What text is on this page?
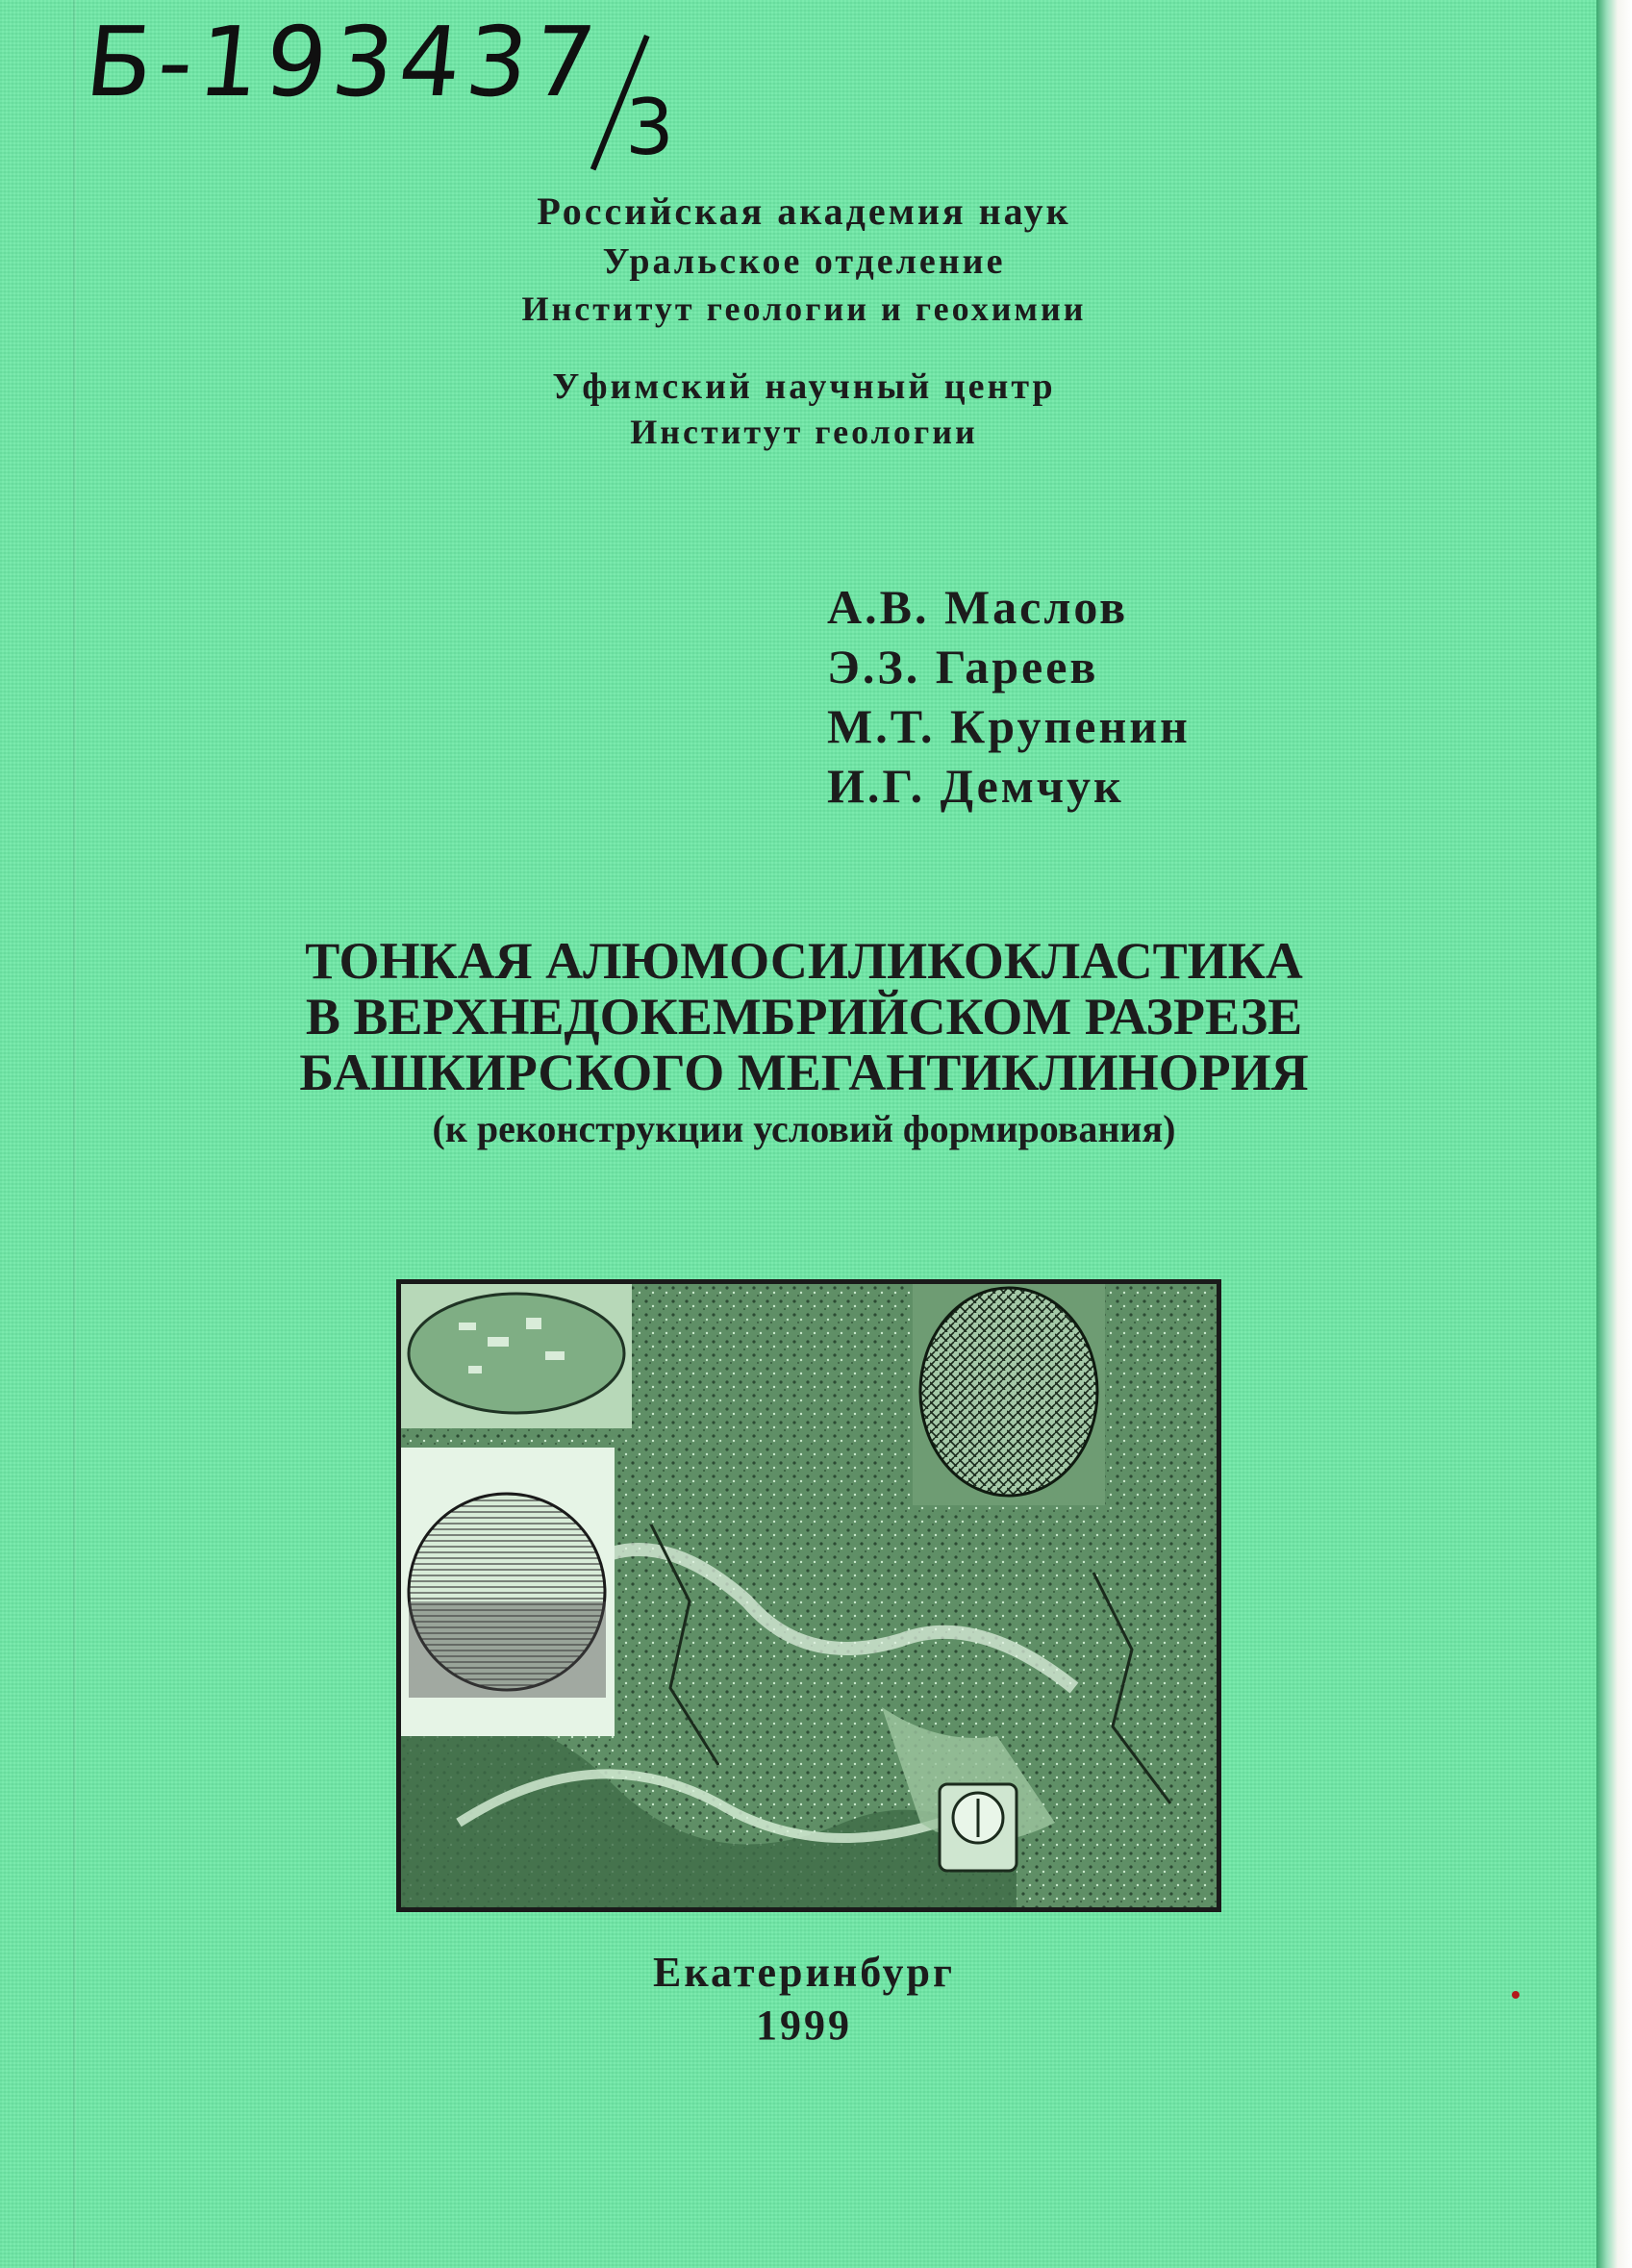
Б-193437
3
Российская академия наук
Уральское отделение
Институт геологии и геохимии
Уфимский научный центр
Институт геологии
А.В. Маслов
Э.З. Гареев
М.Т. Крупенин
И.Г. Демчук
ТОНКАЯ АЛЮМОСИЛИКОКЛАСТИКА
В ВЕРХНЕДОКЕМБРИЙСКОМ РАЗРЕЗЕ
БАШКИРСКОГО МЕГАНТИКЛИНОРИЯ
(к реконструкции условий формирования)
Екатеринбург
1999
